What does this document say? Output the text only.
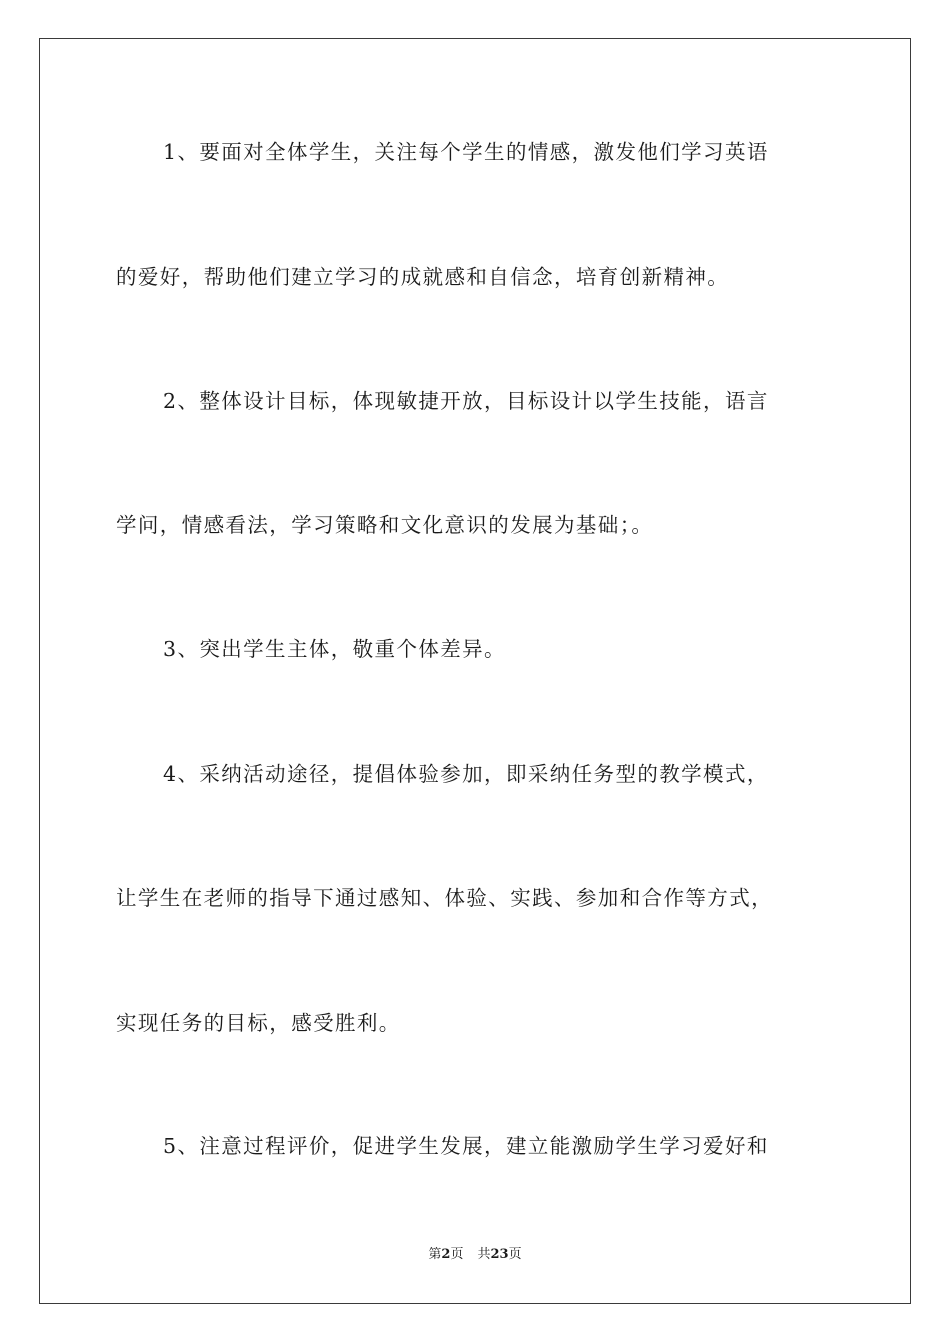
1、要面对全体学生，关注每个学生的情感，激发他们学习英语
的爱好，帮助他们建立学习的成就感和自信念，培育创新精神。
2、整体设计目标，体现敏捷开放，目标设计以学生技能，语言
学问，情感看法，学习策略和文化意识的发展为基础；。
3、突出学生主体，敬重个体差异。
4、采纳活动途径，提倡体验参加，即采纳任务型的教学模式，
让学生在老师的指导下通过感知、体验、实践、参加和合作等方式，
实现任务的目标，感受胜利。
5、注意过程评价，促进学生发展，建立能激励学生学习爱好和
第2页 共23页
